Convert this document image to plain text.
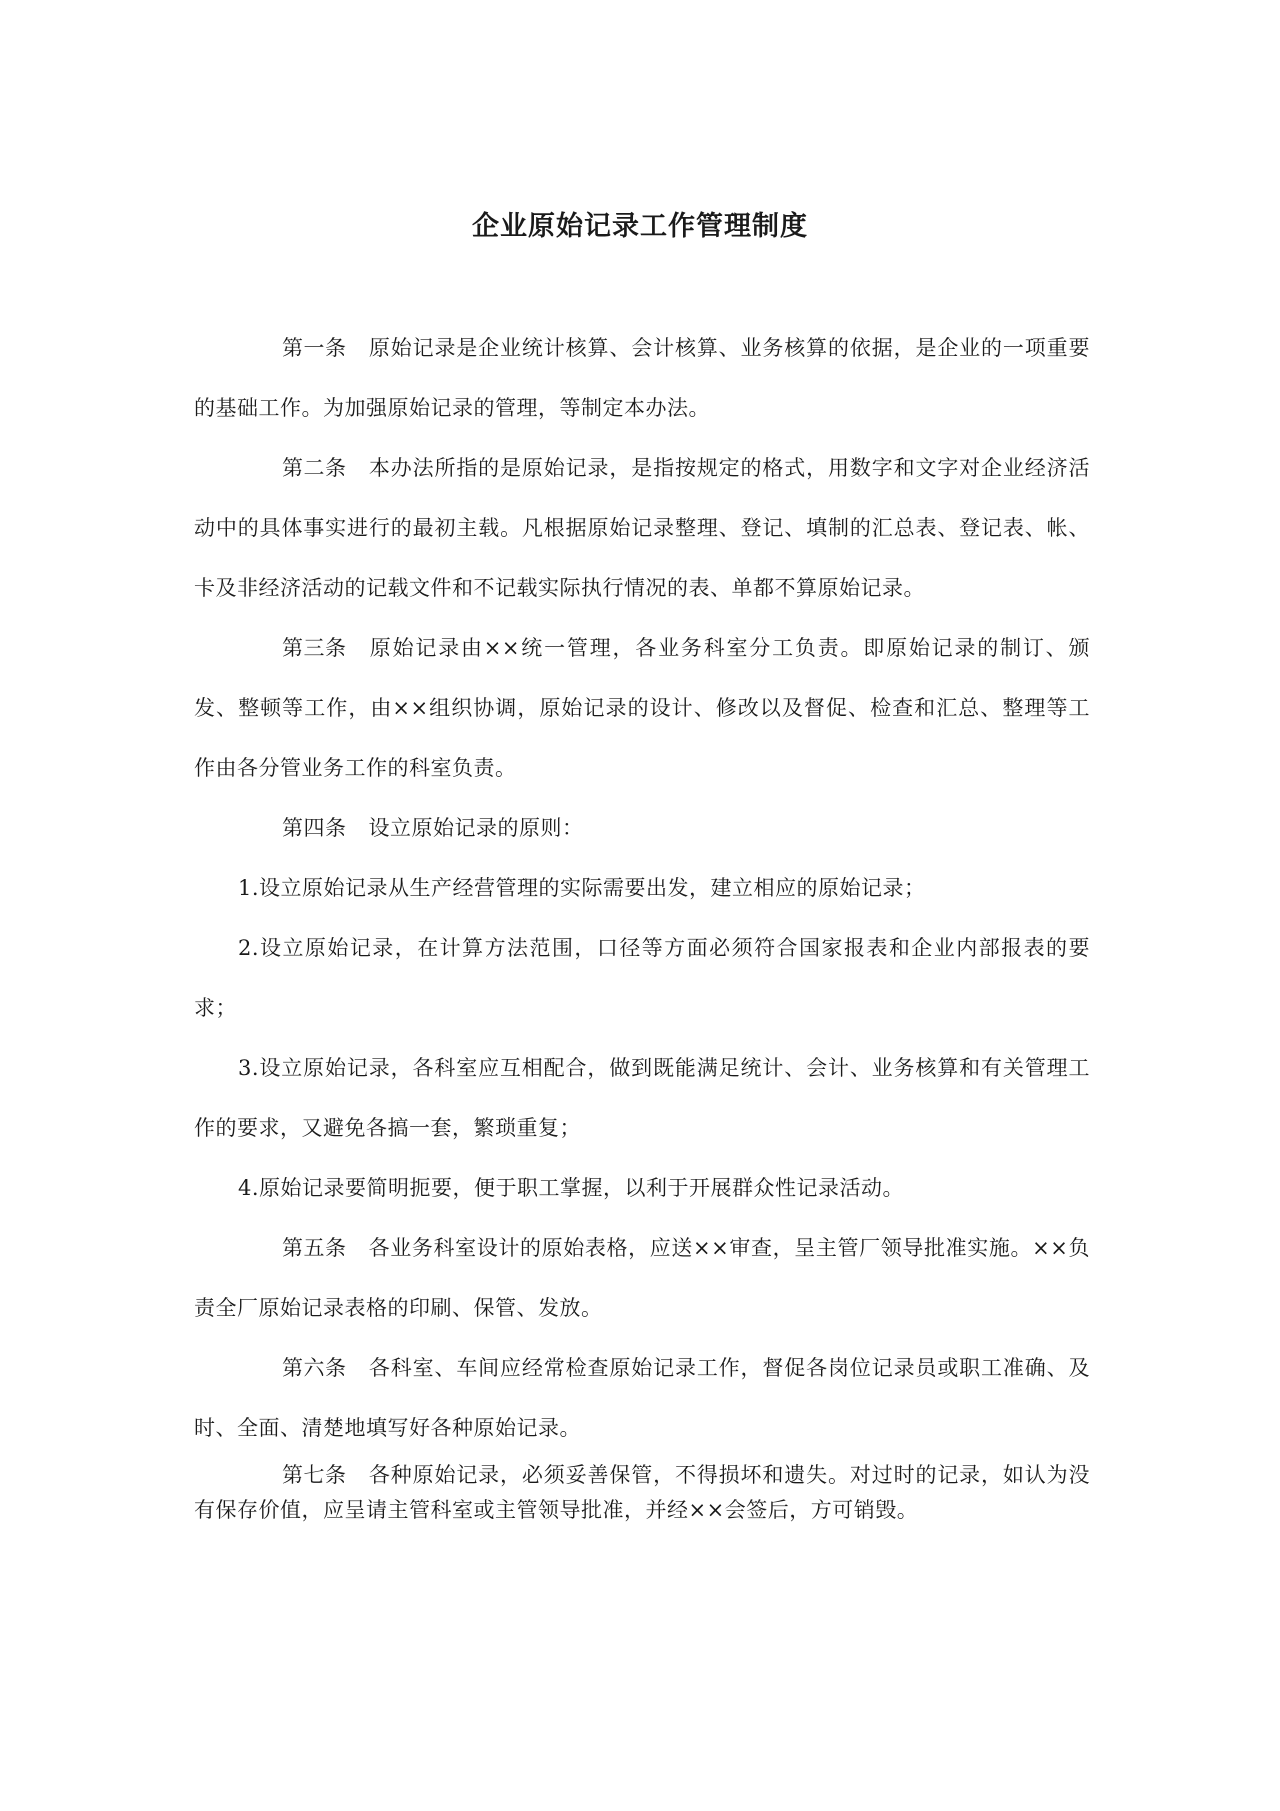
企业原始记录工作管理制度

第一条 原始记录是企业统计核算、会计核算、业务核算的依据，是企业的一项重要的基础工作。为加强原始记录的管理，等制定本办法。

第二条 本办法所指的是原始记录，是指按规定的格式，用数字和文字对企业经济活动中的具体事实进行的最初主载。凡根据原始记录整理、登记、填制的汇总表、登记表、帐、卡及非经济活动的记载文件和不记载实际执行情况的表、单都不算原始记录。

第三条 原始记录由××统一管理，各业务科室分工负责。即原始记录的制订、颁发、整顿等工作，由××组织协调，原始记录的设计、修改以及督促、检查和汇总、整理等工作由各分管业务工作的科室负责。

第四条 设立原始记录的原则：

1.设立原始记录从生产经营管理的实际需要出发，建立相应的原始记录；

2.设立原始记录，在计算方法范围，口径等方面必须符合国家报表和企业内部报表的要求；

3.设立原始记录，各科室应互相配合，做到既能满足统计、会计、业务核算和有关管理工作的要求，又避免各搞一套，繁琐重复；

4.原始记录要简明扼要，便于职工掌握，以利于开展群众性记录活动。

第五条 各业务科室设计的原始表格，应送××审查，呈主管厂领导批准实施。××负责全厂原始记录表格的印刷、保管、发放。

第六条 各科室、车间应经常检查原始记录工作，督促各岗位记录员或职工准确、及时、全面、清楚地填写好各种原始记录。

第七条 各种原始记录，必须妥善保管，不得损坏和遗失。对过时的记录，如认为没有保存价值，应呈请主管科室或主管领导批准，并经××会签后，方可销毁。
